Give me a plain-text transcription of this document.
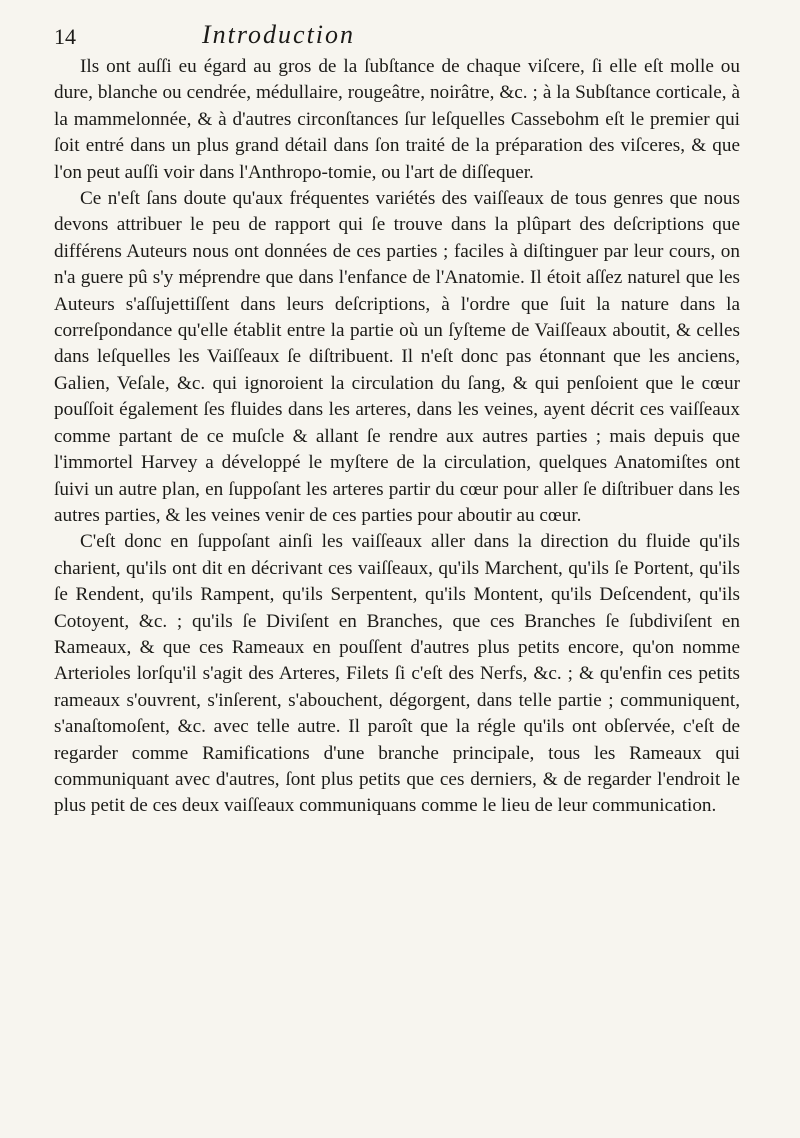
14	Introduction

Ils ont auſſi eu égard au gros de la ſubſtance de chaque viſcere, ſi elle eſt molle ou dure, blanche ou cendrée, médullaire, rougeâtre, noirâtre, &c. ; à la Subſtance corticale, à la mammelonnée, & à d'autres circonſtances ſur leſquelles Cassebohm eſt le premier qui ſoit entré dans un plus grand détail dans ſon traité de la préparation des viſceres, & que l'on peut auſſi voir dans l'Anthropo-tomie, ou l'art de diſſequer.

Ce n'eſt ſans doute qu'aux fréquentes variétés des vaiſſeaux de tous genres que nous devons attribuer le peu de rapport qui ſe trouve dans la plûpart des deſcriptions que différens Auteurs nous ont données de ces parties ; faciles à diſtinguer par leur cours, on n'a guere pû s'y méprendre que dans l'enfance de l'Anatomie. Il étoit aſſez naturel que les Auteurs s'aſſujettiſſent dans leurs deſcriptions, à l'ordre que ſuit la nature dans la correſpondance qu'elle établit entre la partie où un ſyſteme de Vaiſſeaux aboutit, & celles dans leſquelles les Vaiſſeaux ſe diſtribuent. Il n'eſt donc pas étonnant que les anciens, Galien, Veſale, &c. qui ignoroient la circulation du ſang, & qui penſoient que le cœur pouſſoit également ſes fluides dans les arteres, dans les veines, ayent décrit ces vaiſſeaux comme partant de ce muſcle & allant ſe rendre aux autres parties ; mais depuis que l'immortel Harvey a développé le myſtere de la circulation, quelques Anatomiſtes ont ſuivi un autre plan, en ſuppoſant les arteres partir du cœur pour aller ſe diſtribuer dans les autres parties, & les veines venir de ces parties pour aboutir au cœur.

C'eſt donc en ſuppoſant ainſi les vaiſſeaux aller dans la direction du fluide qu'ils charient, qu'ils ont dit en décrivant ces vaiſſeaux, qu'ils Marchent, qu'ils ſe Portent, qu'ils ſe Rendent, qu'ils Rampent, qu'ils Serpentent, qu'ils Montent, qu'ils Deſcendent, qu'ils Cotoyent, &c. ; qu'ils ſe Diviſent en Branches, que ces Branches ſe ſubdiviſent en Rameaux, & que ces Rameaux en pouſſent d'autres plus petits encore, qu'on nomme Arterioles lorſqu'il s'agit des Arteres, Filets ſi c'eſt des Nerfs, &c. ; & qu'enfin ces petits rameaux s'ouvrent, s'inſerent, s'abouchent, dégorgent, dans telle partie ; communiquent, s'anaſtomoſent, &c. avec telle autre. Il paroît que la régle qu'ils ont obſervée, c'eſt de regarder comme Ramifications d'une branche principale, tous les Rameaux qui communiquant avec d'autres, ſont plus petits que ces derniers, & de regarder l'endroit le plus petit de ces deux vaiſſeaux communiquans comme le lieu de leur communication.
